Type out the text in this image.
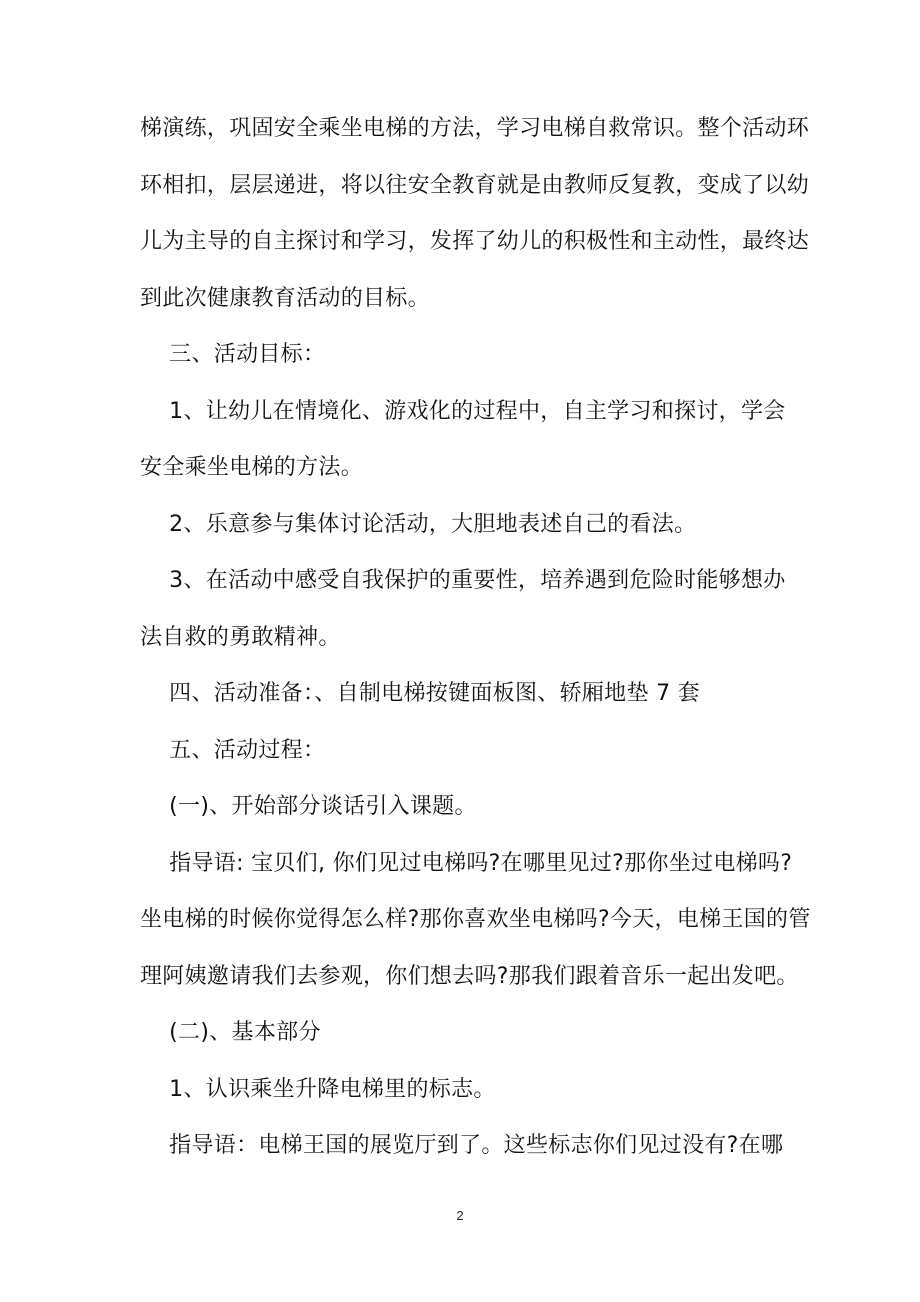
梯演练，巩固安全乘坐电梯的方法，学习电梯自救常识。整个活动环

环相扣，层层递进，将以往安全教育就是由教师反复教，变成了以幼

儿为主导的自主探讨和学习，发挥了幼儿的积极性和主动性，最终达

到此次健康教育活动的目标。

三、活动目标：

1、让幼儿在情境化、游戏化的过程中，自主学习和探讨，学会

安全乘坐电梯的方法。

2、乐意参与集体讨论活动，大胆地表述自己的看法。

3、在活动中感受自我保护的重要性，培养遇到危险时能够想办

法自救的勇敢精神。

四、活动准备：、自制电梯按键面板图、轿厢地垫 7 套

五、活动过程：

(一)、开始部分谈话引入课题。

指导语: 宝贝们, 你们见过电梯吗?在哪里见过?那你坐过电梯吗?

坐电梯的时候你觉得怎么样?那你喜欢坐电梯吗?今天，电梯王国的管

理阿姨邀请我们去参观，你们想去吗?那我们跟着音乐一起出发吧。

(二)、基本部分

1、认识乘坐升降电梯里的标志。

指导语：电梯王国的展览厅到了。这些标志你们见过没有?在哪

2
